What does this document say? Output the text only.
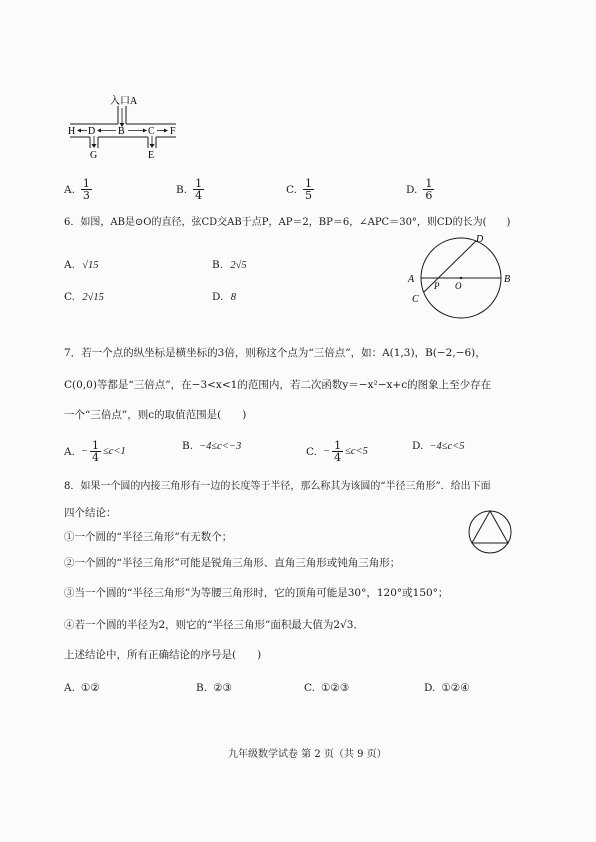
入口A
H D B C F
G	E
A. $\frac{1}{3}$	B. $\frac{1}{4}$	C. $\frac{1}{5}$	D. $\frac{1}{6}$
6．如图，AB是⊙O的直径，弦CD交AB于点P，AP＝2，BP＝6，∠APC＝30°，则CD的长为(　　)
A. √15	B. 2√5
C. 2√15	D. 8
A	B
C
D
P O
7．若一个点的纵坐标是横坐标的3倍，则称这个点为“三倍点”，如：A(1,3)，B(−2,−6)，
C(0,0)等都是“三倍点”，在−3<x<1的范围内，若二次函数y＝−x²−x+c的图象上至少存在
一个“三倍点”，则c的取值范围是(　　)
A. − $\frac{1}{4} \le c<1$	B. −4≤c<−3	C. − $\frac{1}{4} \le c<5$	D. −4≤c<5
8．如果一个圆的内接三角形有一边的长度等于半径，那么称其为该圆的“半径三角形”．给出下面
四个结论：
①一个圆的“半径三角形”有无数个；
②一个圆的“半径三角形”可能是锐角三角形、直角三角形或钝角三角形；
③当一个圆的“半径三角形”为等腰三角形时，它的顶角可能是30°，120°或150°；
④若一个圆的半径为2，则它的“半径三角形”面积最大值为2√3．
上述结论中，所有正确结论的序号是(　　)
A. ①②	B. ②③	C. ①②③	D. ①②④
九年级数学试卷 第 2 页（共 9 页）
